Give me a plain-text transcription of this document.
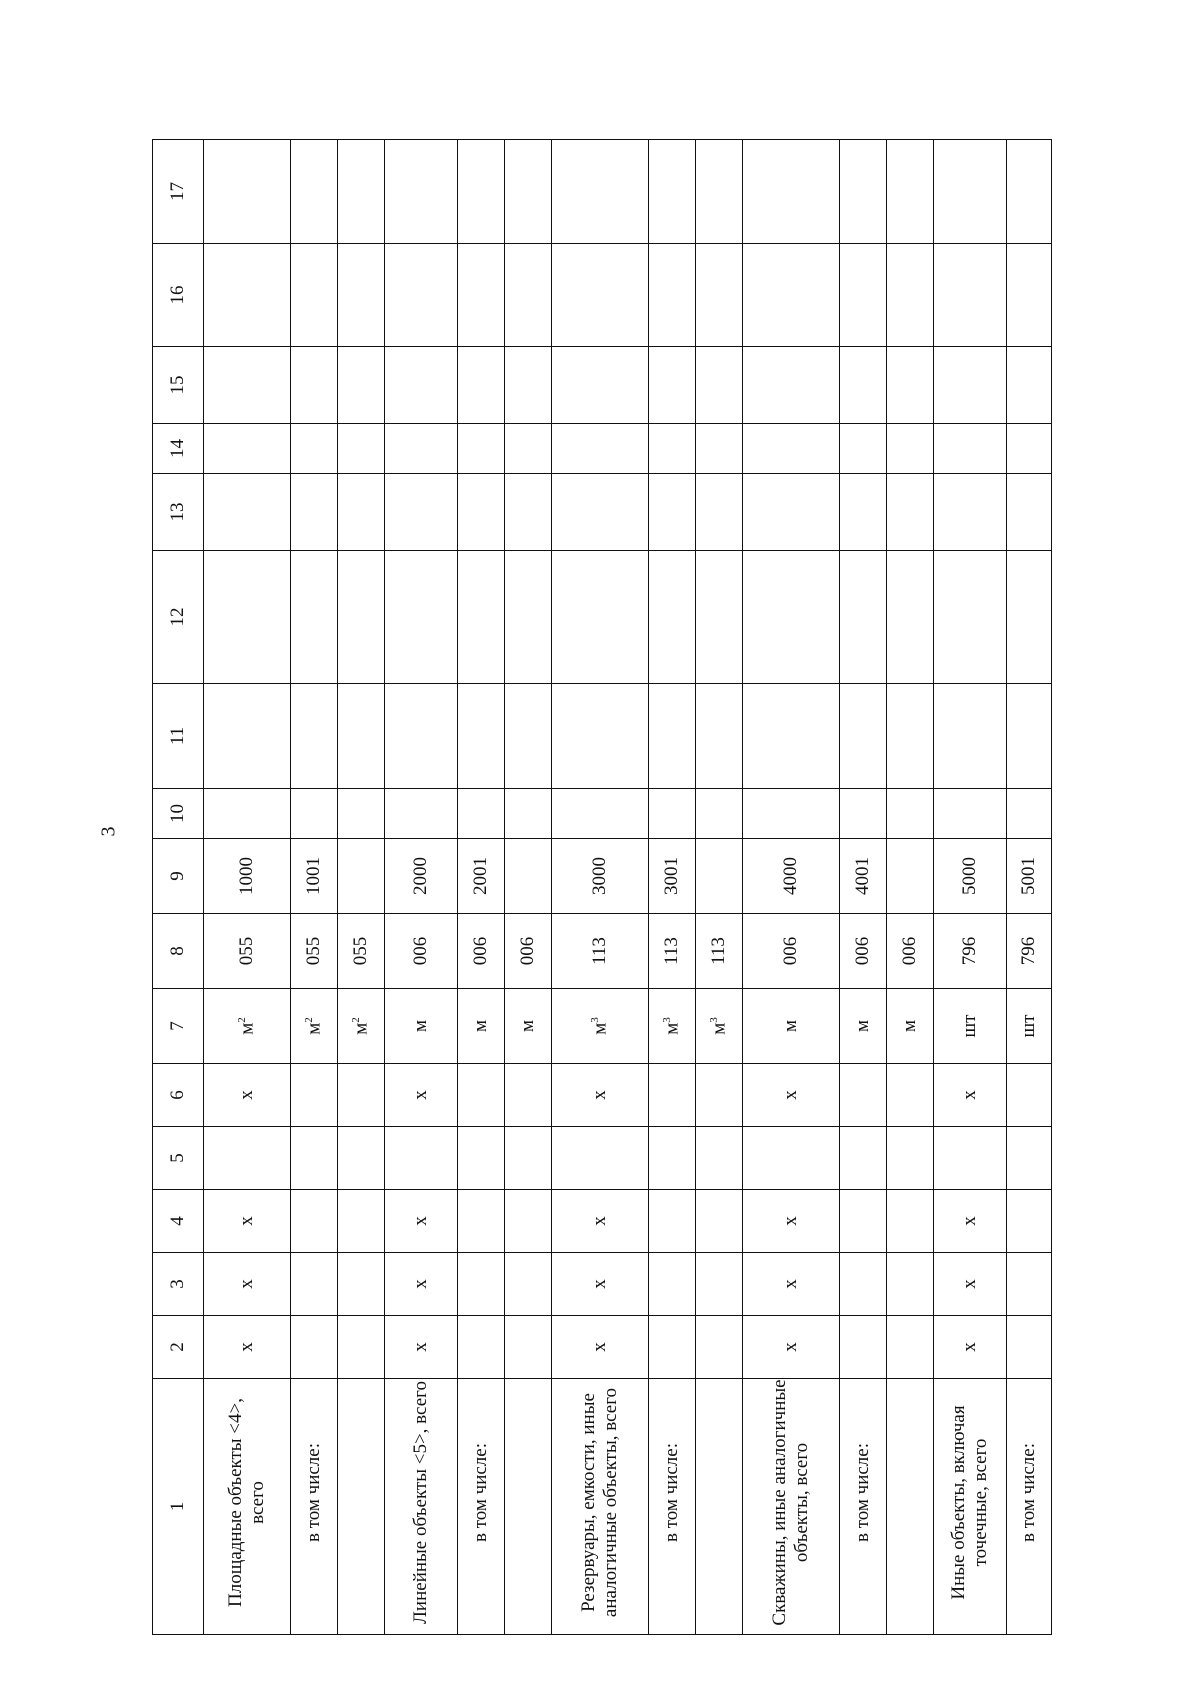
3
1	2	3	4	5	6	7	8	9	10	11	12	13	14	15	16	17
Площадные объекты <4>, всего	х	х	х		х	$м^2$	055	1000								
в том числе:						$м^2$	055	1001								
						$м^2$	055									
Линейные объекты <5>, всего	х	х	х		х	м	006	2000								
в том числе:						м	006	2001								
						м	006									
Резервуары, емкости, иные аналогичные объекты, всего	х	х	х		х	$м^3$	113	3000								
в том числе:						$м^3$	113	3001								
						$м^3$	113									
Скважины, иные аналогичные объекты, всего	х	х	х		х	м	006	4000								
в том числе:						м	006	4001								
						м	006									
Иные объекты, включая точечные, всего	х	х	х		х	шт	796	5000								
в том числе:						шт	796	5001								
